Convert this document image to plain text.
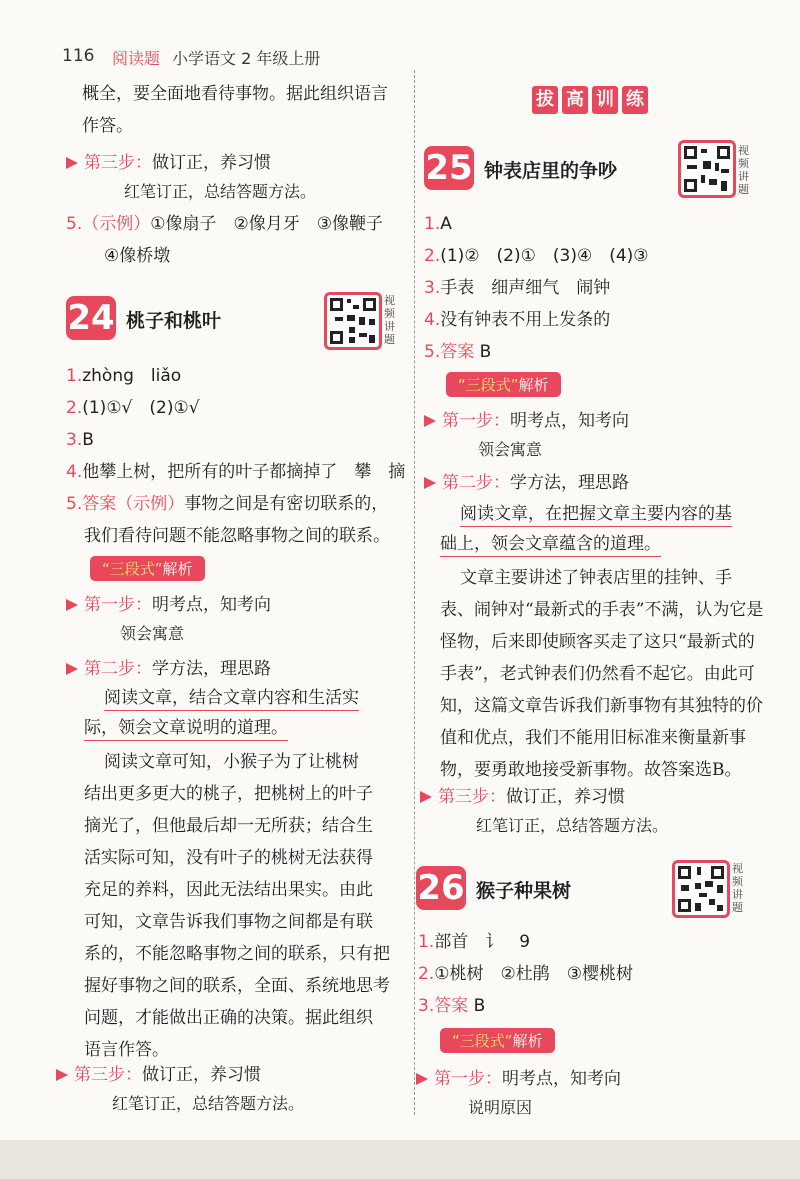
116 阅读题 小学语文 2 年级上册
概全，要全面地看待事物。据此组织语言
作答。
第三步：做订正，养习惯
红笔订正，总结答题方法。
5.（示例）①像扇子　②像月牙　③像鞭子
④像桥墩
24 桃子和桃叶
视频讲题
1.zhòng　liǎo
2.(1)①√　(2)①√
3.B
4.他攀上树，把所有的叶子都摘掉了　攀　摘
5.答案（示例）事物之间是有密切联系的，
我们看待问题不能忽略事物之间的联系。
“三段式”解析
第一步：明考点，知考向
领会寓意
第二步：学方法，理思路
阅读文章，结合文章内容和生活实
际，领会文章说明的道理。
阅读文章可知，小猴子为了让桃树
结出更多更大的桃子，把桃树上的叶子
摘光了，但他最后却一无所获；结合生
活实际可知，没有叶子的桃树无法获得
充足的养料，因此无法结出果实。由此
可知，文章告诉我们事物之间都是有联
系的，不能忽略事物之间的联系，只有把
握好事物之间的联系，全面、系统地思考
问题，才能做出正确的决策。据此组织
语言作答。
第三步：做订正，养习惯
红笔订正，总结答题方法。
拔 高 训 练
25 钟表店里的争吵
视频讲题
1.A
2.(1)②　(2)①　(3)④　(4)③
3.手表　细声细气　闹钟
4.没有钟表不用上发条的
5.答案 B
“三段式”解析
第一步：明考点，知考向
领会寓意
第二步：学方法，理思路
阅读文章，在把握文章主要内容的基
础上，领会文章蕴含的道理。
文章主要讲述了钟表店里的挂钟、手
表、闹钟对“最新式的手表”不满，认为它是
怪物，后来即使顾客买走了这只“最新式的
手表”，老式钟表们仍然看不起它。由此可
知，这篇文章告诉我们新事物有其独特的价
值和优点，我们不能用旧标准来衡量新事
物，要勇敢地接受新事物。故答案选B。
第三步：做订正，养习惯
红笔订正，总结答题方法。
26 猴子种果树
视频讲题
1.部首　讠　9
2.①桃树　②杜鹃　③樱桃树
3.答案 B
“三段式”解析
第一步：明考点，知考向
说明原因
